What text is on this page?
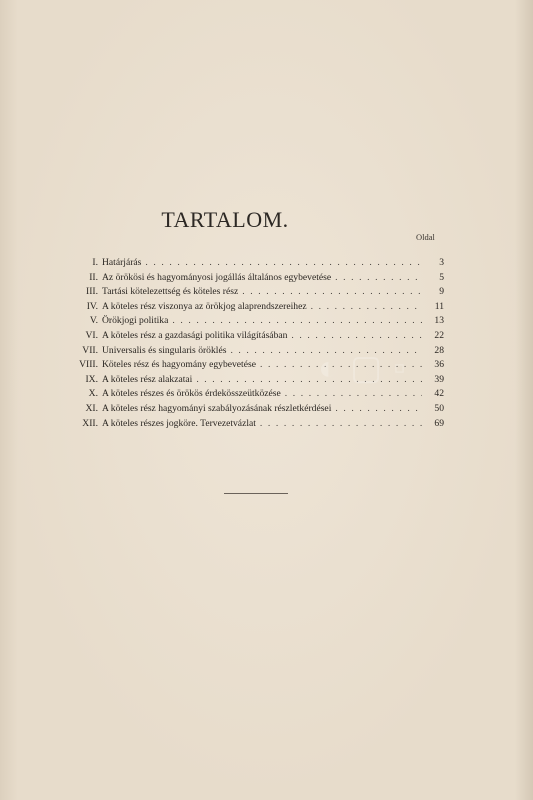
TARTALOM.
Oldal
I. Határjárás . . .	3
II. Az örökösi és hagyományosi jogállás általános egybevetése . . .	5
III. Tartási kötelezettség és köteles rész . . .	9
IV. A köteles rész viszonya az örökjog alaprendszereihez . . .	11
V. Örökjogi politika . . .	13
VI. A köteles rész a gazdasági politika világításában . . .	22
VII. Universalis és singularis öröklés . . .	28
VIII. Köteles rész és hagyomány egybevetése . . .	36
IX. A köteles rész alakzatai . . .	39
X. A köteles részes és örökös érdekösszeütközése . . .	42
XI. A köteles rész hagyományi szabályozásának részletkérdései . . .	50
XII. A köteles részes jogköre. Tervezetvázlat . . .	69
◐ ▢ ▫
